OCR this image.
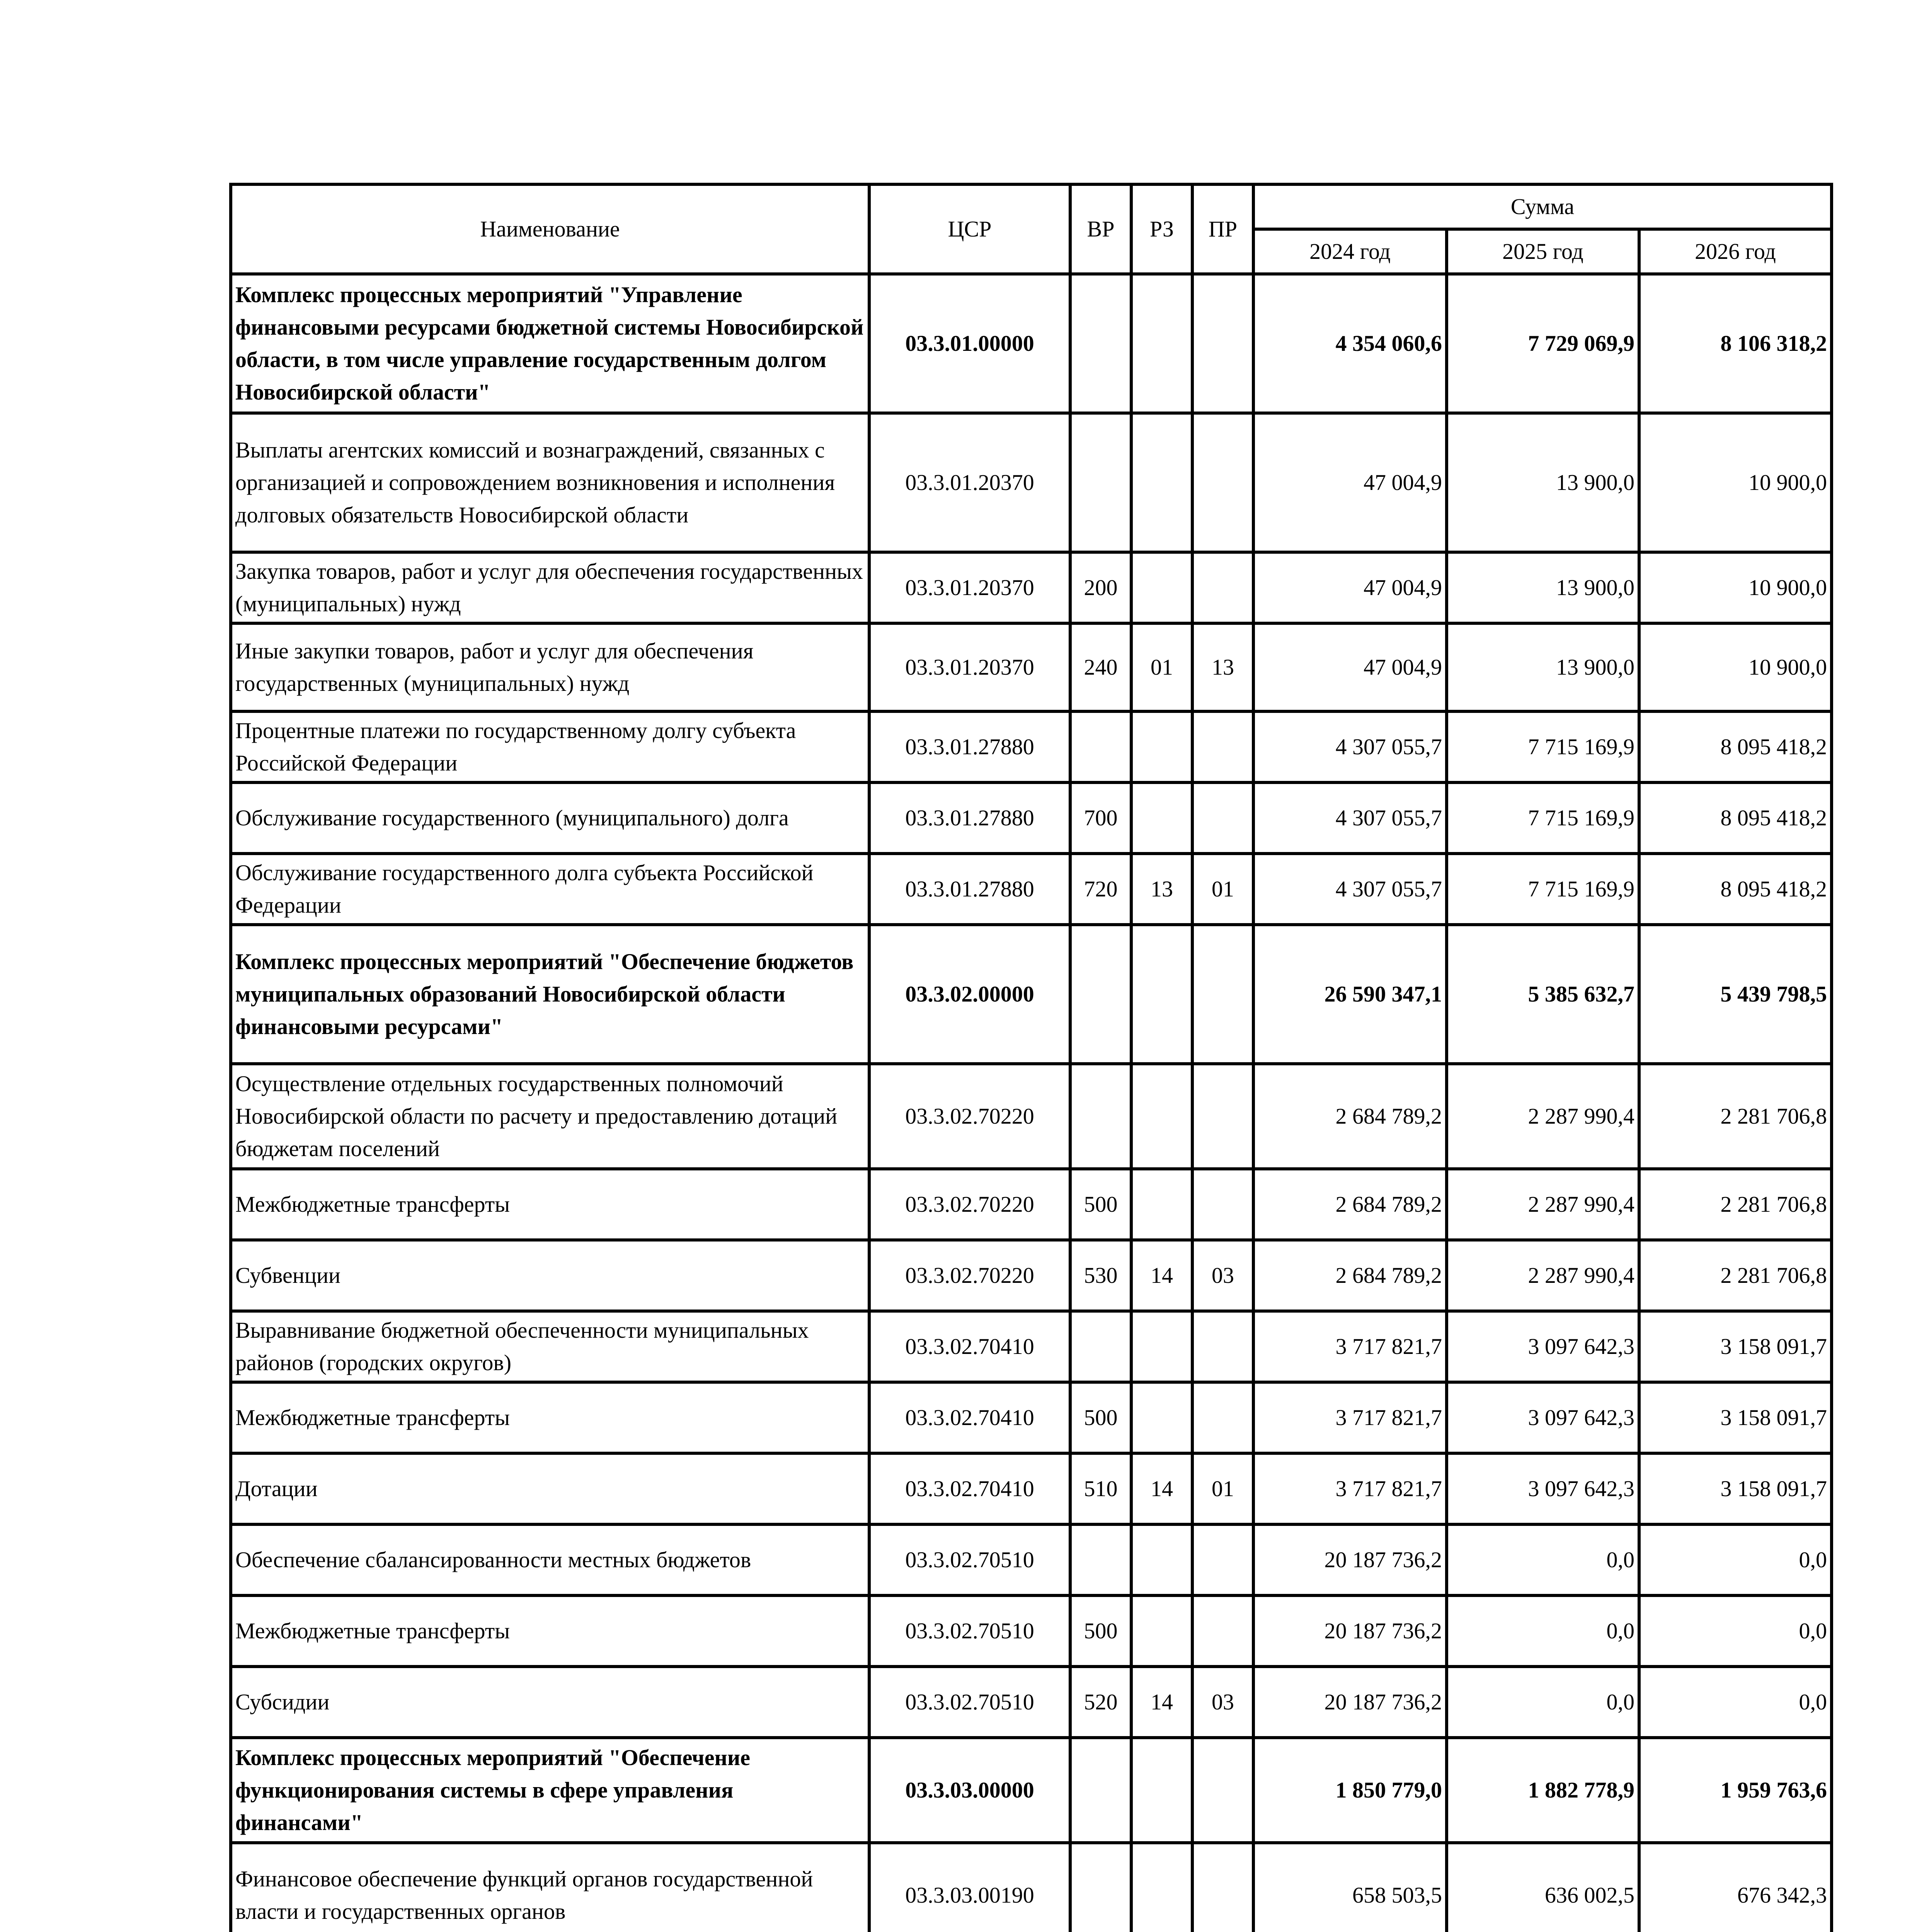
Наименование	ЦСР	ВР	РЗ	ПР	Сумма		
					2024 год	2025 год	2026 год
Комплекс процессных мероприятий "Управление финансовыми ресурсами бюджетной системы Новосибирской области, в том числе управление государственным долгом Новосибирской области"	03.3.01.00000				4 354 060,6	7 729 069,9	8 106 318,2
Выплаты агентских комиссий и вознаграждений, связанных с организацией и сопровождением возникновения и исполнения долговых обязательств Новосибирской области	03.3.01.20370				47 004,9	13 900,0	10 900,0
Закупка товаров, работ и услуг для обеспечения государственных (муниципальных) нужд	03.3.01.20370	200			47 004,9	13 900,0	10 900,0
Иные закупки товаров, работ и услуг для обеспечения государственных (муниципальных) нужд	03.3.01.20370	240	01	13	47 004,9	13 900,0	10 900,0
Процентные платежи по государственному долгу субъекта Российской Федерации	03.3.01.27880				4 307 055,7	7 715 169,9	8 095 418,2
Обслуживание государственного (муниципального) долга	03.3.01.27880	700			4 307 055,7	7 715 169,9	8 095 418,2
Обслуживание государственного долга субъекта Российской Федерации	03.3.01.27880	720	13	01	4 307 055,7	7 715 169,9	8 095 418,2
Комплекс процессных мероприятий "Обеспечение бюджетов муниципальных образований Новосибирской области финансовыми ресурсами"	03.3.02.00000				26 590 347,1	5 385 632,7	5 439 798,5
Осуществление отдельных государственных полномочий Новосибирской области по расчету и предоставлению дотаций бюджетам поселений	03.3.02.70220				2 684 789,2	2 287 990,4	2 281 706,8
Межбюджетные трансферты	03.3.02.70220	500			2 684 789,2	2 287 990,4	2 281 706,8
Субвенции	03.3.02.70220	530	14	03	2 684 789,2	2 287 990,4	2 281 706,8
Выравнивание бюджетной обеспеченности муниципальных районов (городских округов)	03.3.02.70410				3 717 821,7	3 097 642,3	3 158 091,7
Межбюджетные трансферты	03.3.02.70410	500			3 717 821,7	3 097 642,3	3 158 091,7
Дотации	03.3.02.70410	510	14	01	3 717 821,7	3 097 642,3	3 158 091,7
Обеспечение сбалансированности местных бюджетов	03.3.02.70510				20 187 736,2	0,0	0,0
Межбюджетные трансферты	03.3.02.70510	500			20 187 736,2	0,0	0,0
Субсидии	03.3.02.70510	520	14	03	20 187 736,2	0,0	0,0
Комплекс процессных мероприятий "Обеспечение функционирования системы в сфере управления финансами"	03.3.03.00000				1 850 779,0	1 882 778,9	1 959 763,6
Финансовое обеспечение функций органов государственной власти и государственных органов	03.3.03.00190				658 503,5	636 002,5	676 342,3
